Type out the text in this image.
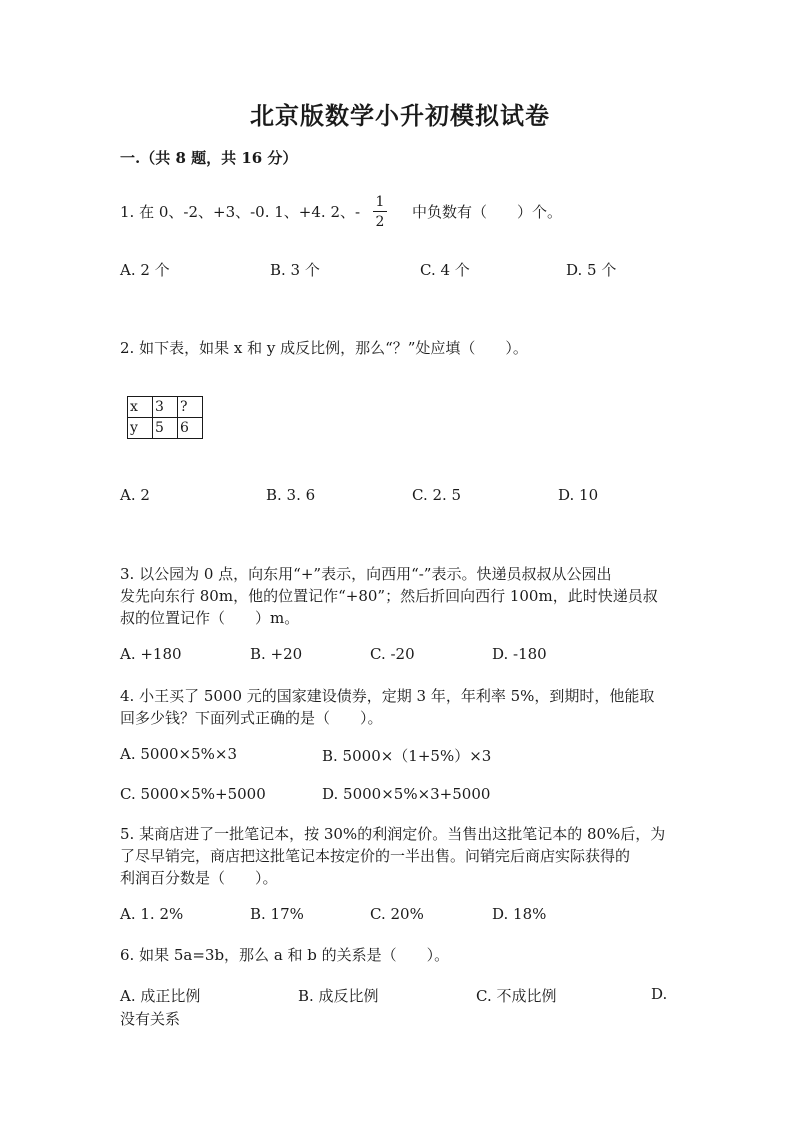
北京版数学小升初模拟试卷
一.（共 8 题，共 16 分）
1. 在 0、-2、+3、-0. 1、+4. 2、-
1
2
中负数有（　　）个。
A. 2 个	B. 3 个	C. 4 个	D. 5 个
2. 如下表，如果 x 和 y 成反比例，那么“？”处应填（　　）。
x	3	?
y	5	6
A. 2	B. 3. 6	C. 2. 5	D. 10
3. 以公园为 0 点，向东用“+”表示，向西用“-”表示。快递员叔叔从公园出
发先向东行 80m，他的位置记作“+80”；然后折回向西行 100m，此时快递员叔
叔的位置记作（　　）m。
A. +180	B. +20	C. -20	D. -180
4. 小王买了 5000 元的国家建设债券，定期 3 年，年利率 5%，到期时，他能取
回多少钱？下面列式正确的是（　　）。
A. 5000×5%×3	B. 5000×（1+5%）×3
C. 5000×5%+5000	D. 5000×5%×3+5000
5. 某商店进了一批笔记本，按 30%的利润定价。当售出这批笔记本的 80%后，为
了尽早销完，商店把这批笔记本按定价的一半出售。问销完后商店实际获得的
利润百分数是（　　）。
A. 1. 2%	B. 17%	C. 20%	D. 18%
6. 如果 5a=3b，那么 a 和 b 的关系是（　　）。
A. 成正比例	B. 成反比例	C. 不成比例	D.
没有关系
